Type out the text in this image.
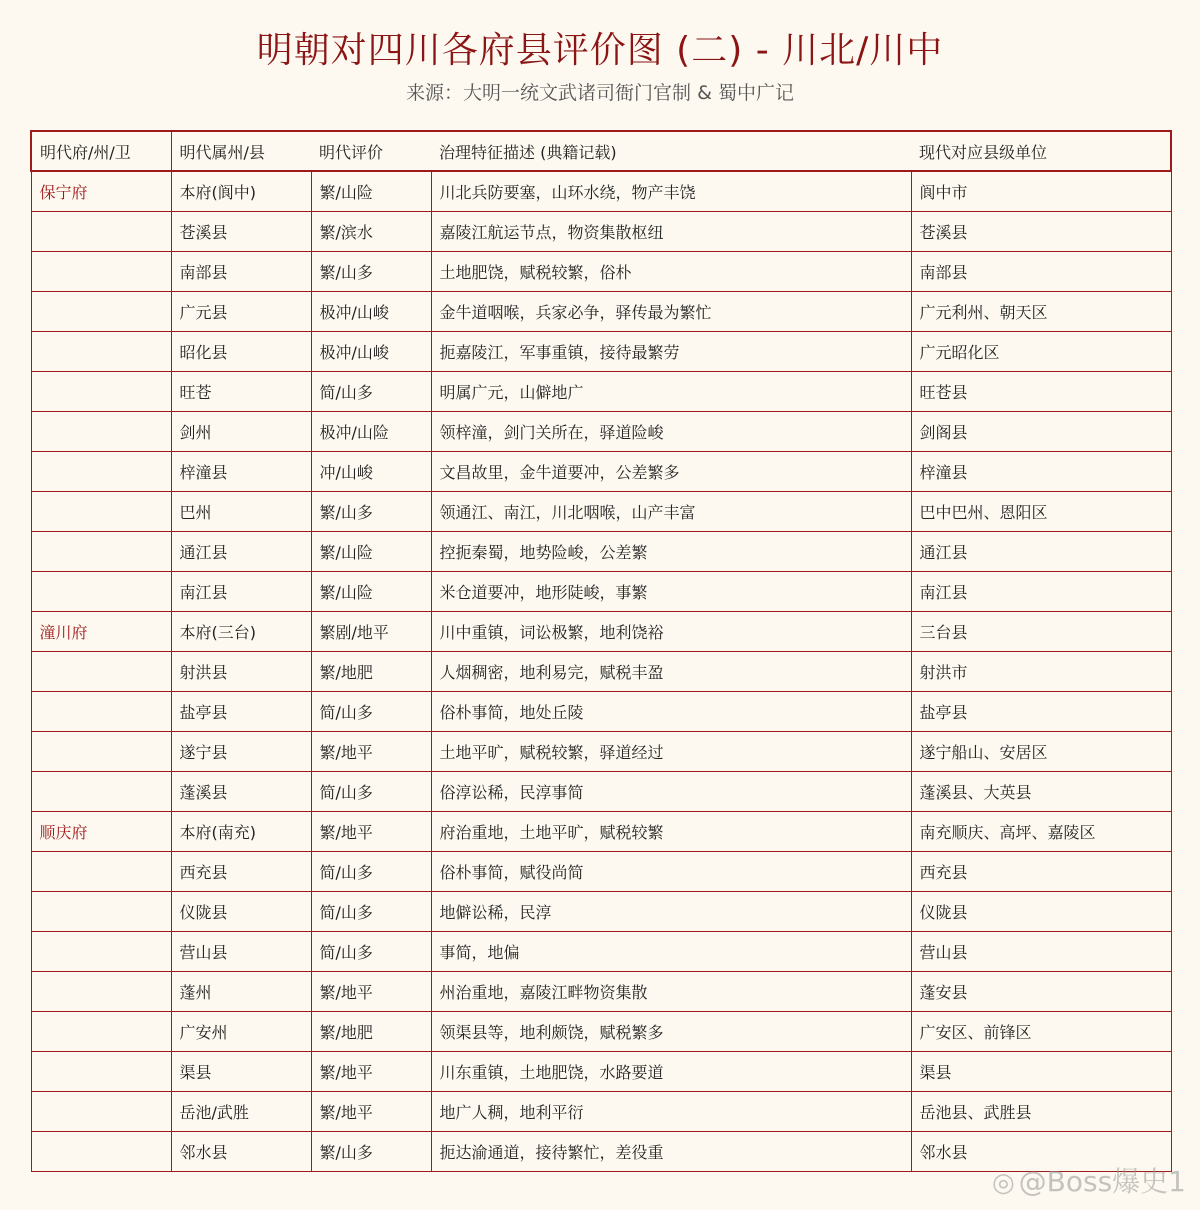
明朝对四川各府县评价图 (二) - 川北/川中
来源：大明一统文武诸司衙门官制 & 蜀中广记
明代府/州/卫	明代属州/县	明代评价	治理特征描述 (典籍记载)	现代对应县级单位
保宁府	本府(阆中)	繁/山险	川北兵防要塞，山环水绕，物产丰饶	阆中市
	苍溪县	繁/滨水	嘉陵江航运节点，物资集散枢纽	苍溪县
	南部县	繁/山多	土地肥饶，赋税较繁，俗朴	南部县
	广元县	极冲/山峻	金牛道咽喉，兵家必争，驿传最为繁忙	广元利州、朝天区
	昭化县	极冲/山峻	扼嘉陵江，军事重镇，接待最繁劳	广元昭化区
	旺苍	简/山多	明属广元，山僻地广	旺苍县
	剑州	极冲/山险	领梓潼，剑门关所在，驿道险峻	剑阁县
	梓潼县	冲/山峻	文昌故里，金牛道要冲，公差繁多	梓潼县
	巴州	繁/山多	领通江、南江，川北咽喉，山产丰富	巴中巴州、恩阳区
	通江县	繁/山险	控扼秦蜀，地势险峻，公差繁	通江县
	南江县	繁/山险	米仓道要冲，地形陡峻，事繁	南江县
潼川府	本府(三台)	繁剧/地平	川中重镇，词讼极繁，地利饶裕	三台县
	射洪县	繁/地肥	人烟稠密，地利易完，赋税丰盈	射洪市
	盐亭县	简/山多	俗朴事简，地处丘陵	盐亭县
	遂宁县	繁/地平	土地平旷，赋税较繁，驿道经过	遂宁船山、安居区
	蓬溪县	简/山多	俗淳讼稀，民淳事简	蓬溪县、大英县
顺庆府	本府(南充)	繁/地平	府治重地，土地平旷，赋税较繁	南充顺庆、高坪、嘉陵区
	西充县	简/山多	俗朴事简，赋役尚简	西充县
	仪陇县	简/山多	地僻讼稀，民淳	仪陇县
	营山县	简/山多	事简，地偏	营山县
	蓬州	繁/地平	州治重地，嘉陵江畔物资集散	蓬安县
	广安州	繁/地肥	领渠县等，地利颇饶，赋税繁多	广安区、前锋区
	渠县	繁/地平	川东重镇，土地肥饶，水路要道	渠县
	岳池/武胜	繁/地平	地广人稠，地利平衍	岳池县、武胜县
	邻水县	繁/山多	扼达渝通道，接待繁忙，差役重	邻水县
◎ @Boss爆史1
